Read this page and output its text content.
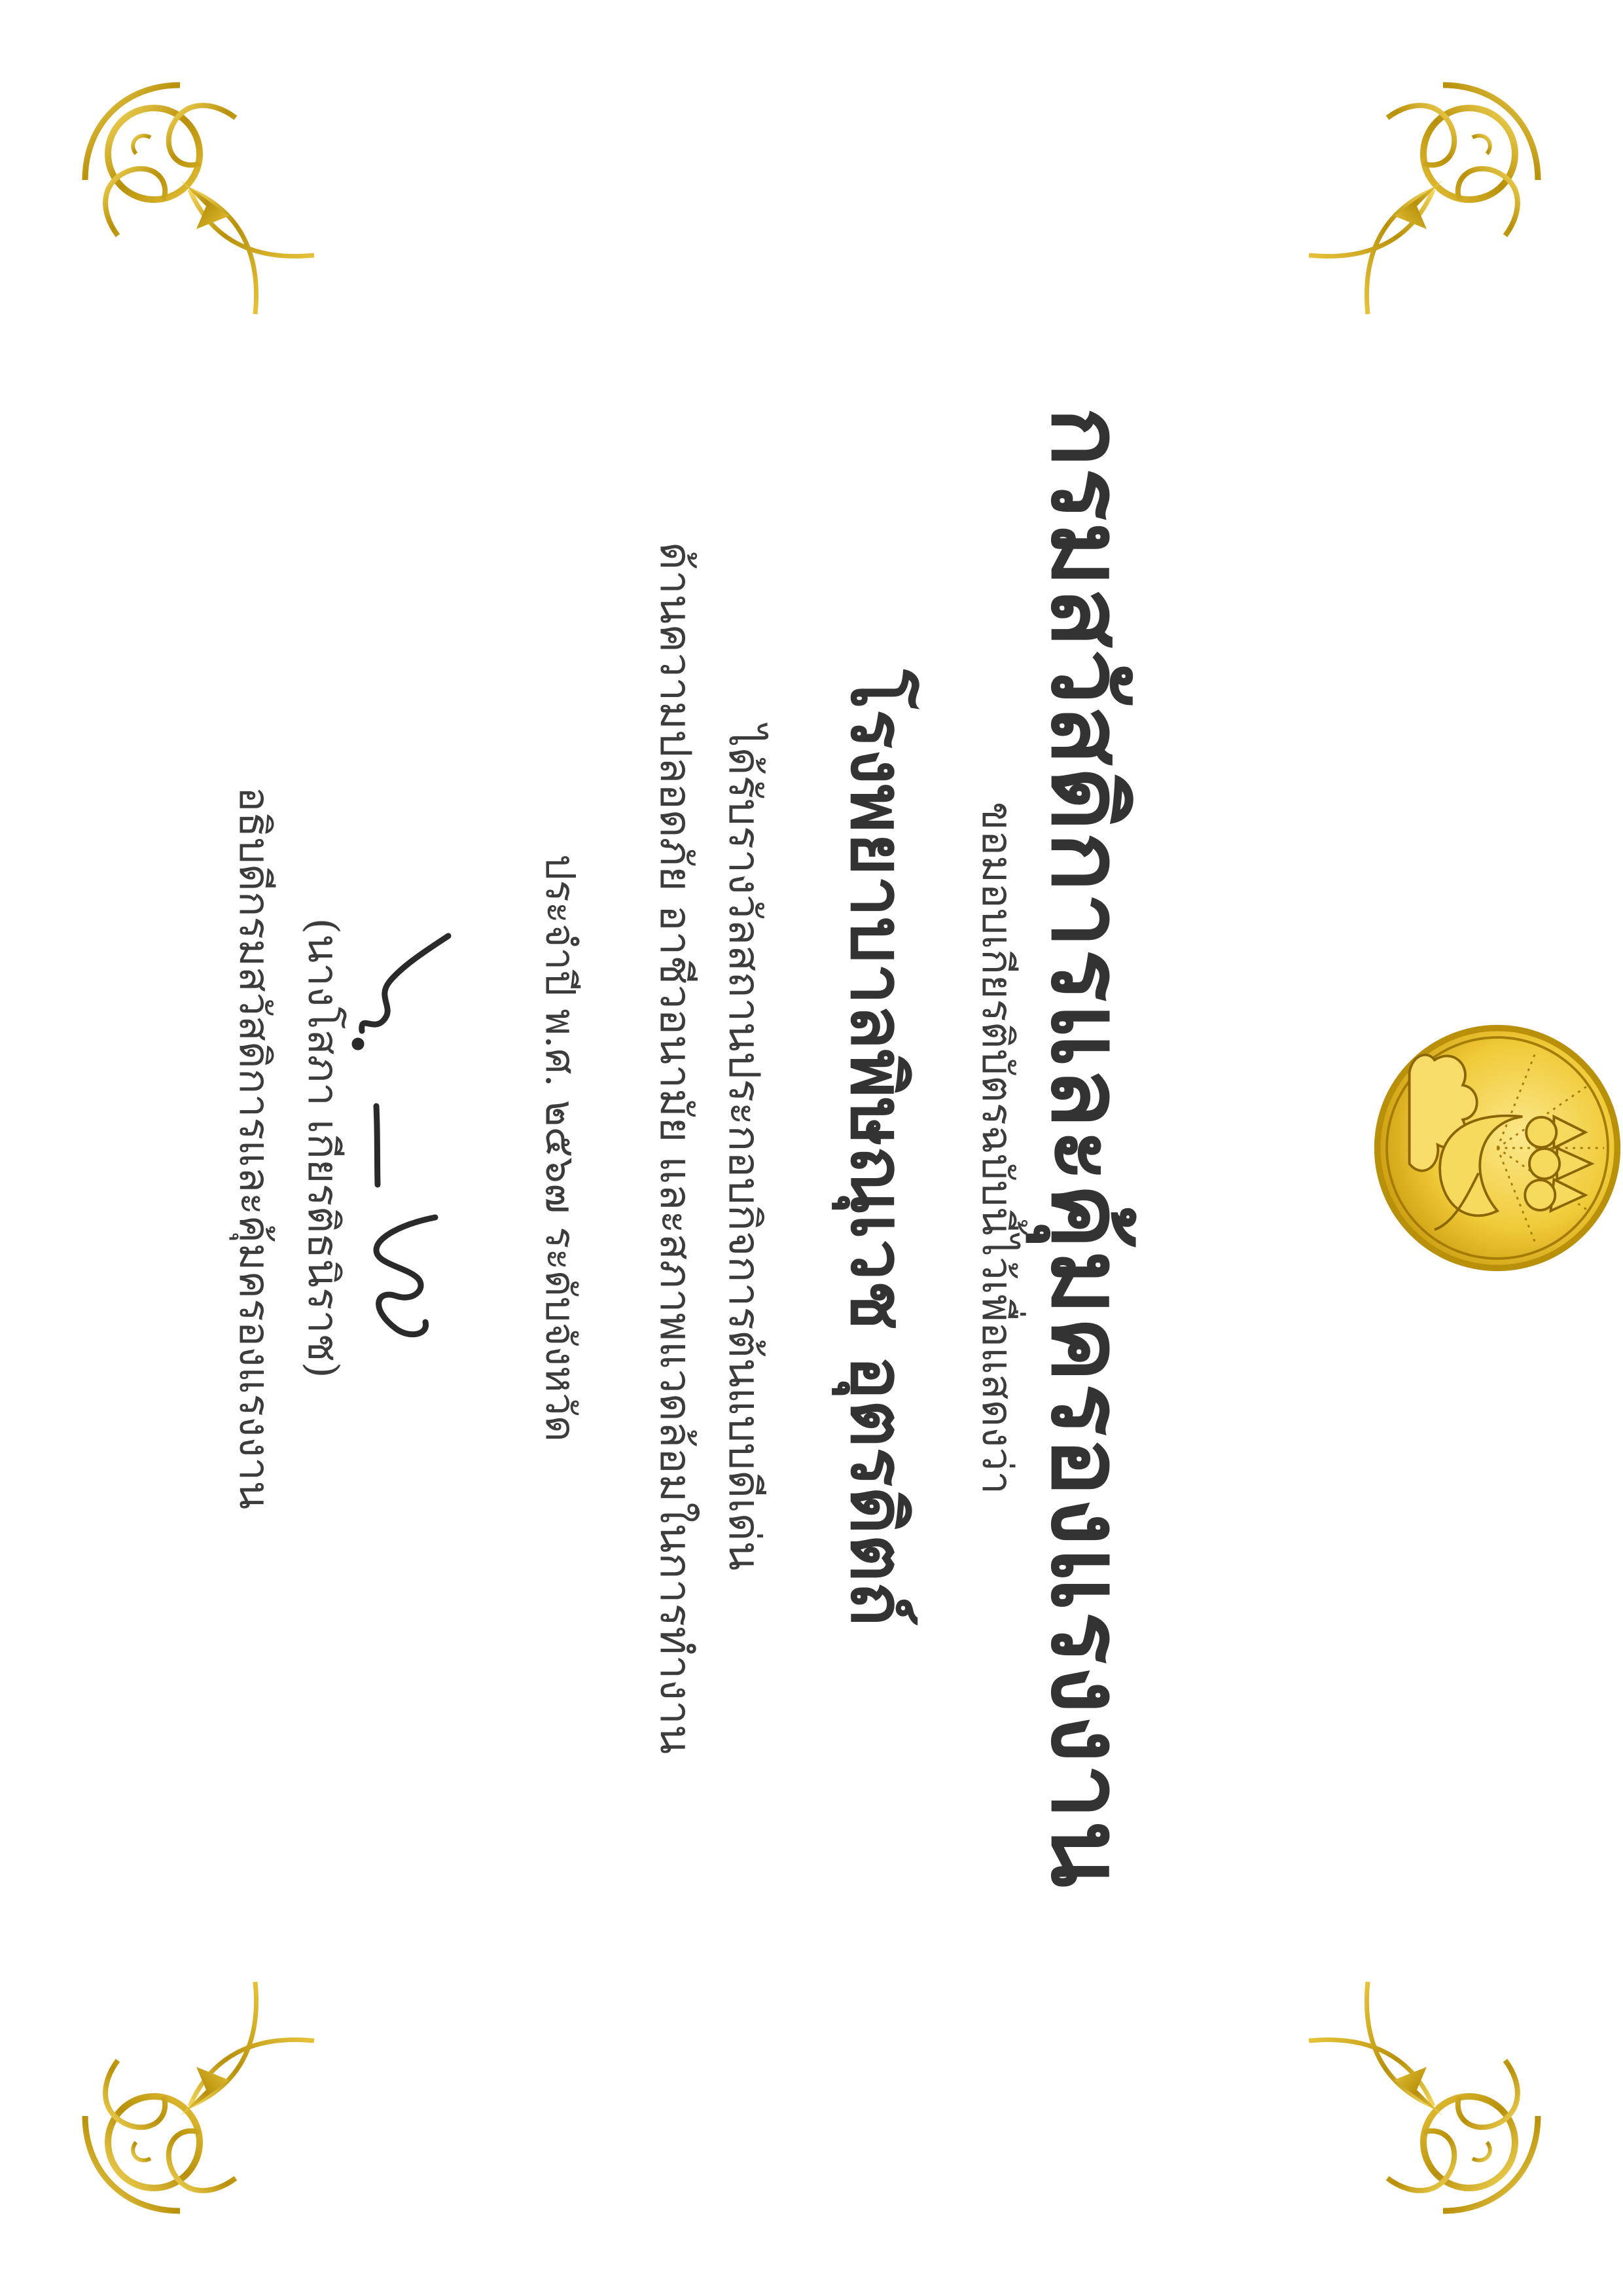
กรมสวัสดิการและคุ้มครองแรงงาน
ขอมอบเกียรติบัตรฉบับนี้ไว้เพื่อแสดงว่า
โรงพยาบาลพิษณุเวช อุตรดิตถ์
ได้รับรางวัลสถานประกอบกิจการต้นแบบดีเด่น
ด้านความปลอดภัย อาชีวอนามัย และสภาพแวดล้อมในการทำงาน
ประจำปี พ.ศ. ๒๕๖๗ ระดับจังหวัด
(นางโสภา เกียรติธนิราช)
อธิบดีกรมสวัสดิการและคุ้มครองแรงงาน
